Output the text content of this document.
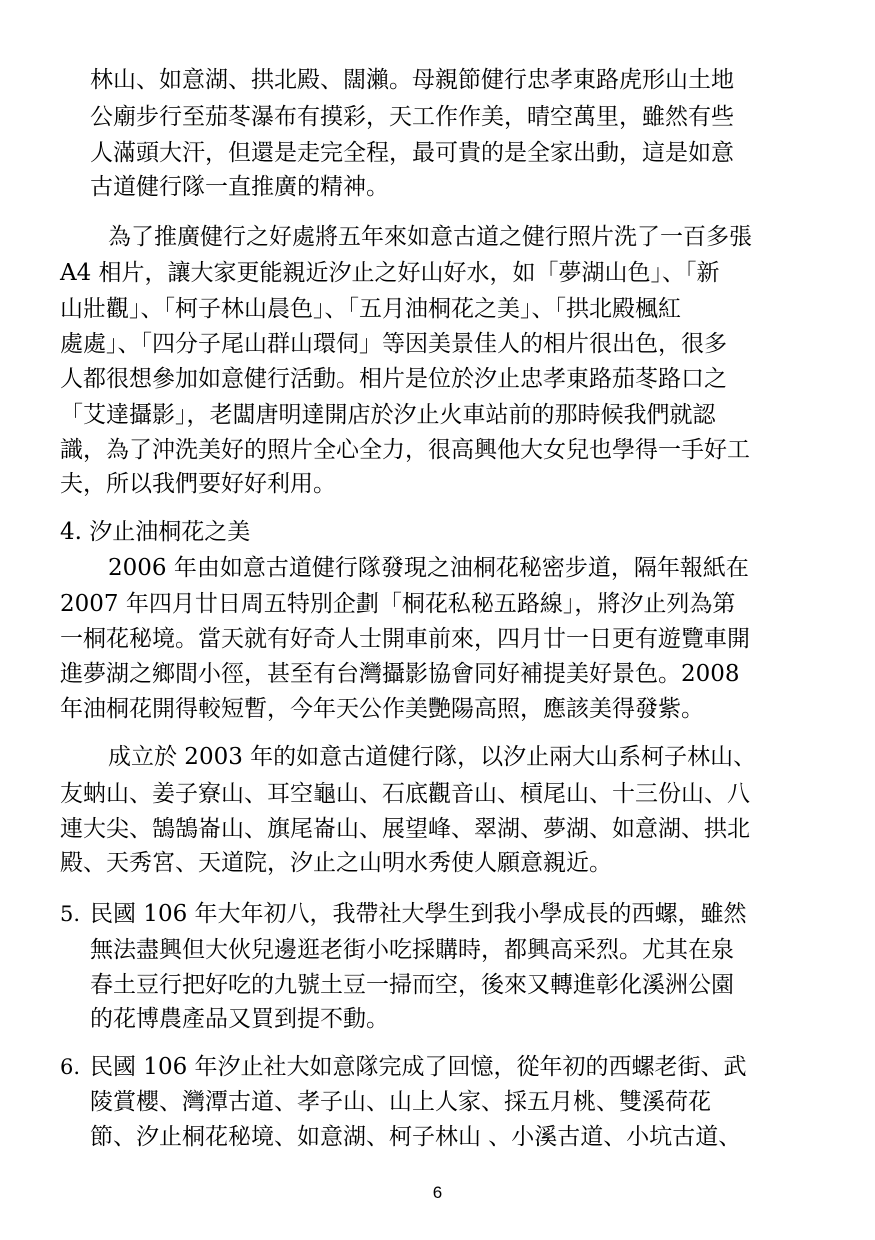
林山、如意湖、拱北殿、闊瀨。母親節健行忠孝東路虎形山土地

公廟步行至茄苳瀑布有摸彩，天工作作美，晴空萬里，雖然有些

人滿頭大汗，但還是走完全程，最可貴的是全家出動，這是如意

古道健行隊一直推廣的精神。

為了推廣健行之好處將五年來如意古道之健行照片洗了一百多張

A4 相片，讓大家更能親近汐止之好山好水，如「夢湖山色」、「新

山壯觀」、「柯子林山晨色」、「五月油桐花之美」、「拱北殿楓紅

處處」、「四分子尾山群山環伺」等因美景佳人的相片很出色，很多

人都很想參加如意健行活動。相片是位於汐止忠孝東路茄苳路口之

「艾達攝影」，老闆唐明達開店於汐止火車站前的那時候我們就認

識，為了沖洗美好的照片全心全力，很高興他大女兒也學得一手好工

夫，所以我們要好好利用。

4. 汐止油桐花之美

2006 年由如意古道健行隊發現之油桐花秘密步道，隔年報紙在

2007 年四月廿日周五特別企劃「桐花私秘五路線」，將汐止列為第

一桐花秘境。當天就有好奇人士開車前來，四月廿一日更有遊覽車開

進夢湖之鄉間小徑，甚至有台灣攝影協會同好補提美好景色。2008

年油桐花開得較短暫，今年天公作美艷陽高照，應該美得發紫。

成立於 2003 年的如意古道健行隊，以汐止兩大山系柯子林山、

友蚋山、姜子寮山、耳空龜山、石底觀音山、槓尾山、十三份山、八

連大尖、鵠鵠崙山、旗尾崙山、展望峰、翠湖、夢湖、如意湖、拱北

殿、天秀宮、天道院，汐止之山明水秀使人願意親近。

5. 民國 106 年大年初八，我帶社大學生到我小學成長的西螺，雖然

無法盡興但大伙兒邊逛老街小吃採購時，都興高采烈。尤其在泉

春土豆行把好吃的九號土豆一掃而空，後來又轉進彰化溪洲公園

的花博農產品又買到提不動。

6. 民國 106 年汐止社大如意隊完成了回憶，從年初的西螺老街、武

陵賞櫻、灣潭古道、孝子山、山上人家、採五月桃、雙溪荷花

節、汐止桐花秘境、如意湖、柯子林山 、小溪古道、小坑古道、

6
